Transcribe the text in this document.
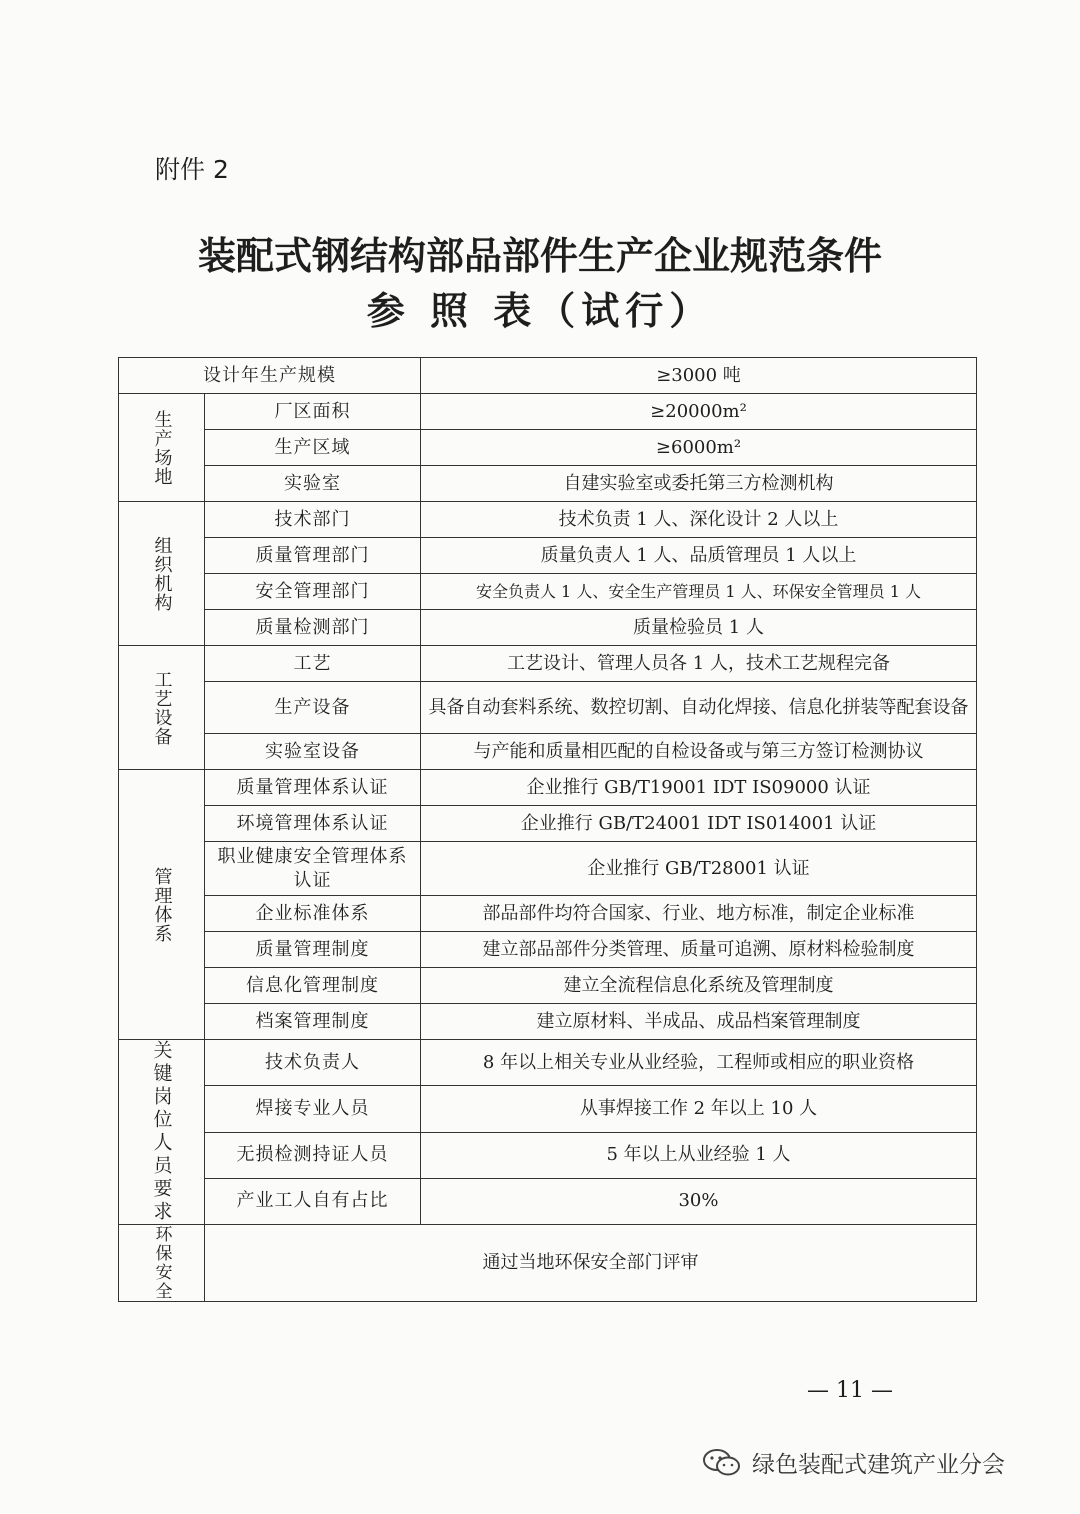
附件 2
装配式钢结构部品部件生产企业规范条件
参 照 表（试行）
设计年生产规模		≥3000 吨
生产场地	厂区面积	≥20000m²
	生产区域	≥6000m²
	实验室	自建实验室或委托第三方检测机构
组织机构	技术部门	技术负责 1 人、深化设计 2 人以上
	质量管理部门	质量负责人 1 人、品质管理员 1 人以上
	安全管理部门	安全负责人 1 人、安全生产管理员 1 人、环保安全管理员 1 人
	质量检测部门	质量检验员 1 人
工艺设备	工艺	工艺设计、管理人员各 1 人，技术工艺规程完备
	生产设备	具备自动套料系统、数控切割、自动化焊接、信息化拼装等配套设备
	实验室设备	与产能和质量相匹配的自检设备或与第三方签订检测协议
管理体系	质量管理体系认证	企业推行 GB/T19001 IDT IS09000 认证
	环境管理体系认证	企业推行 GB/T24001 IDT IS014001 认证
	职业健康安全管理体系认证	企业推行 GB/T28001 认证
	企业标准体系	部品部件均符合国家、行业、地方标准，制定企业标准
	质量管理制度	建立部品部件分类管理、质量可追溯、原材料检验制度
	信息化管理制度	建立全流程信息化系统及管理制度
	档案管理制度	建立原材料、半成品、成品档案管理制度
关键岗位人员要求	技术负责人	8 年以上相关专业从业经验，工程师或相应的职业资格
	焊接专业人员	从事焊接工作 2 年以上 10 人
	无损检测持证人员	5 年以上从业经验 1 人
	产业工人自有占比	30%
环保安全	通过当地环保安全部门评审	
— 11 —
绿色装配式建筑产业分会
